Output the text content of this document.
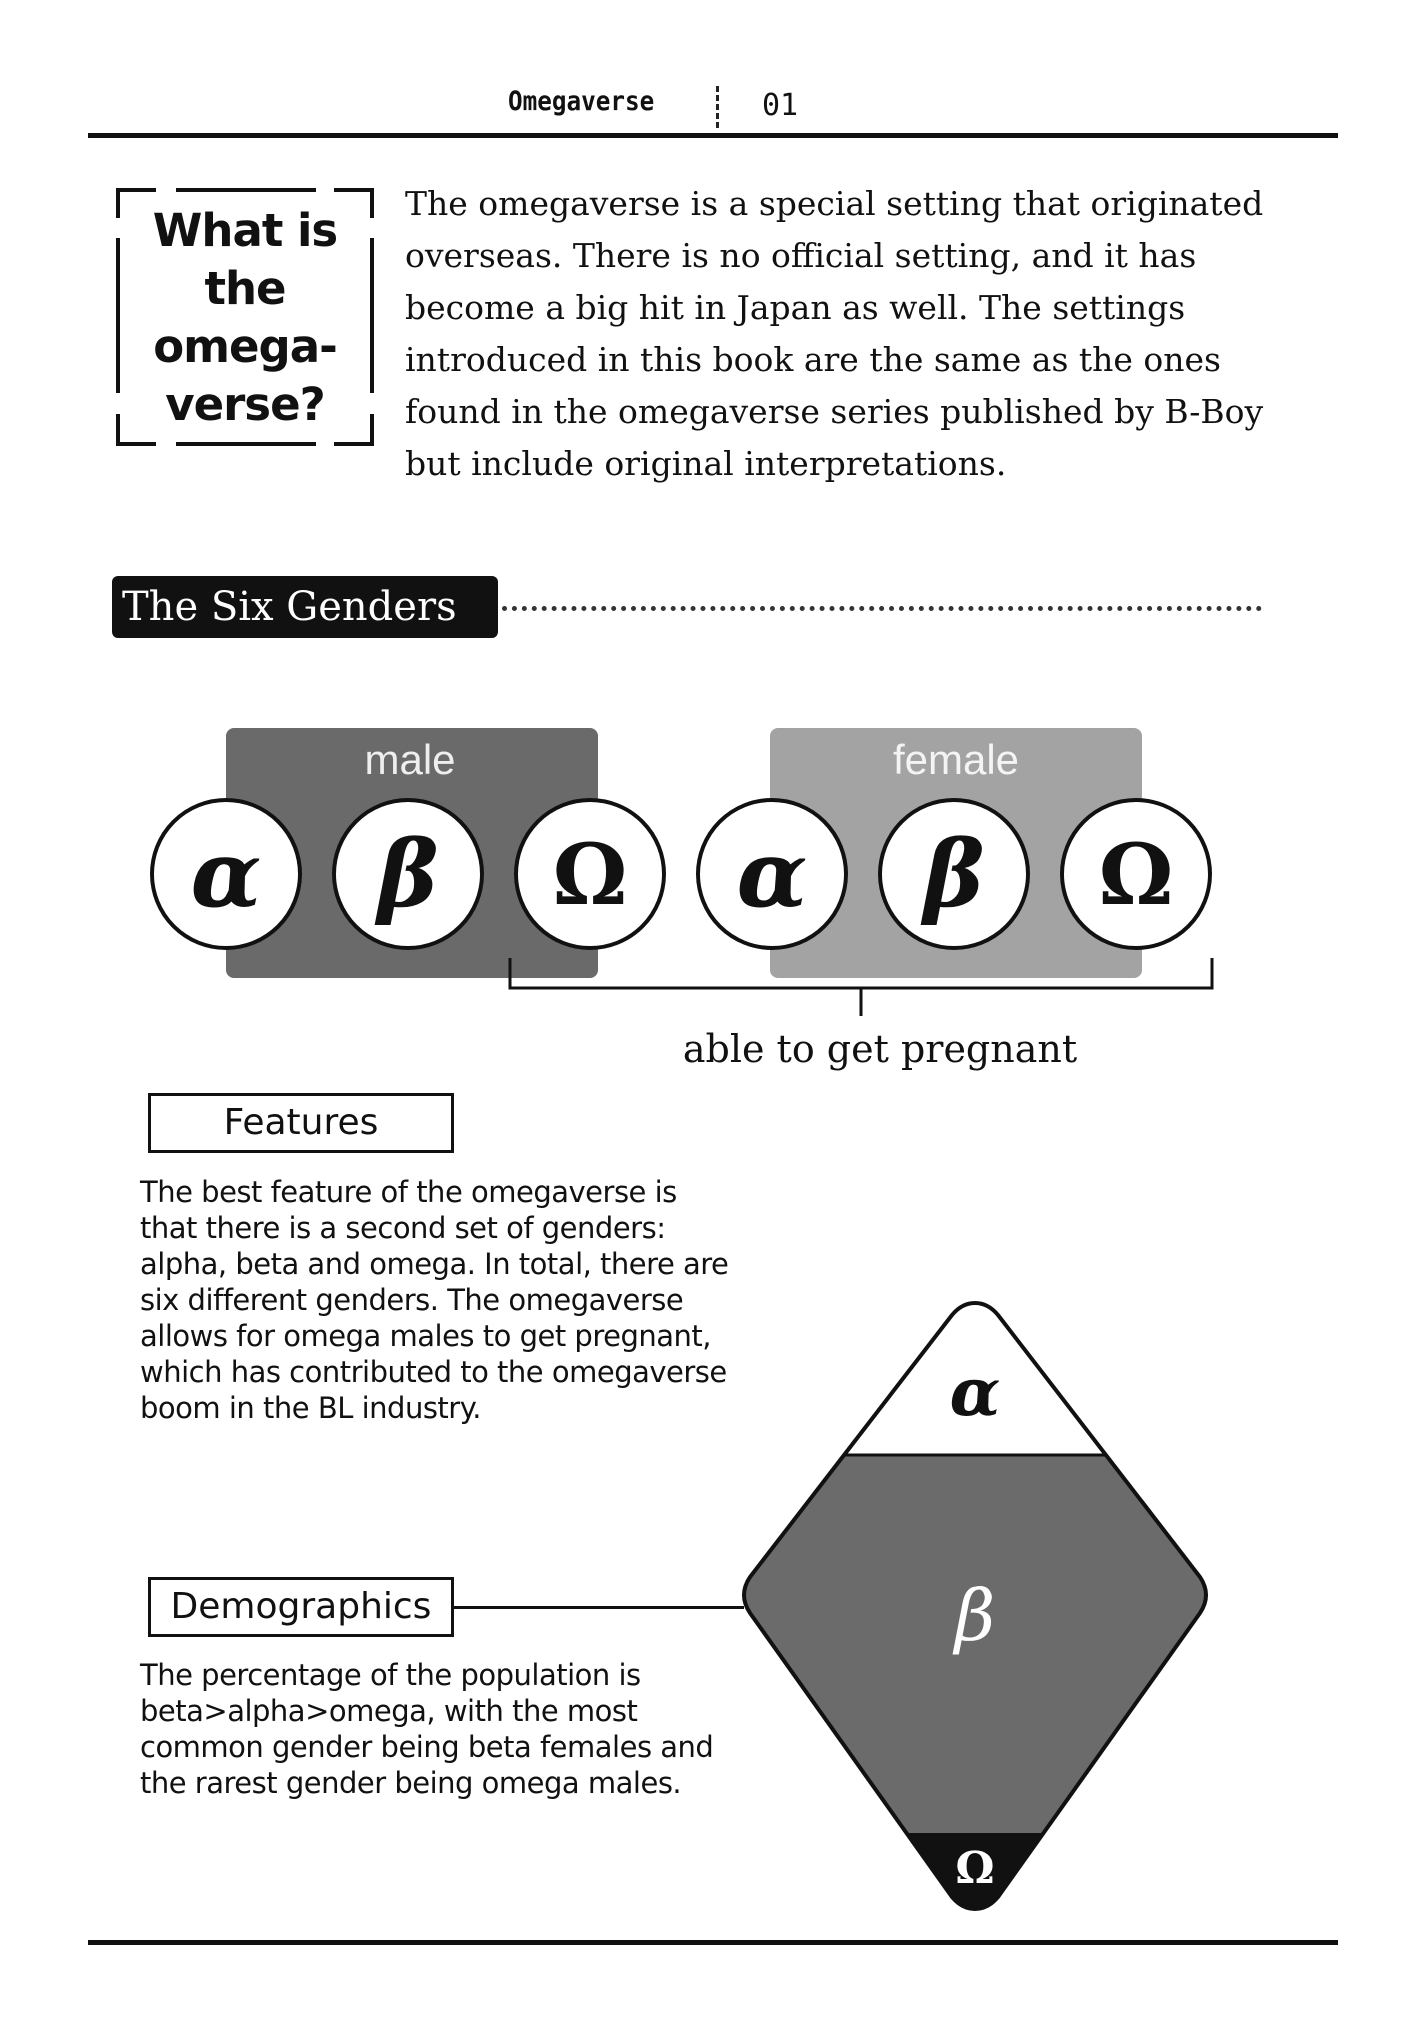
Omegaverse	01
What is
the
omega-
verse?
The omegaverse is a special setting that originated overseas. There is no official setting, and it has become a big hit in Japan as well. The settings introduced in this book are the same as the ones found in the omegaverse series published by B-Boy but include original interpretations.
The Six Genders
male	female
α β Ω α β Ω
able to get pregnant
Features
The best feature of the omegaverse is that there is a second set of genders: alpha, beta and omega. In total, there are six different genders. The omegaverse allows for omega males to get pregnant, which has contributed to the omegaverse boom in the BL industry.
Demographics
The percentage of the population is beta>alpha>omega, with the most common gender being beta females and the rarest gender being omega males.
α
β
Ω
